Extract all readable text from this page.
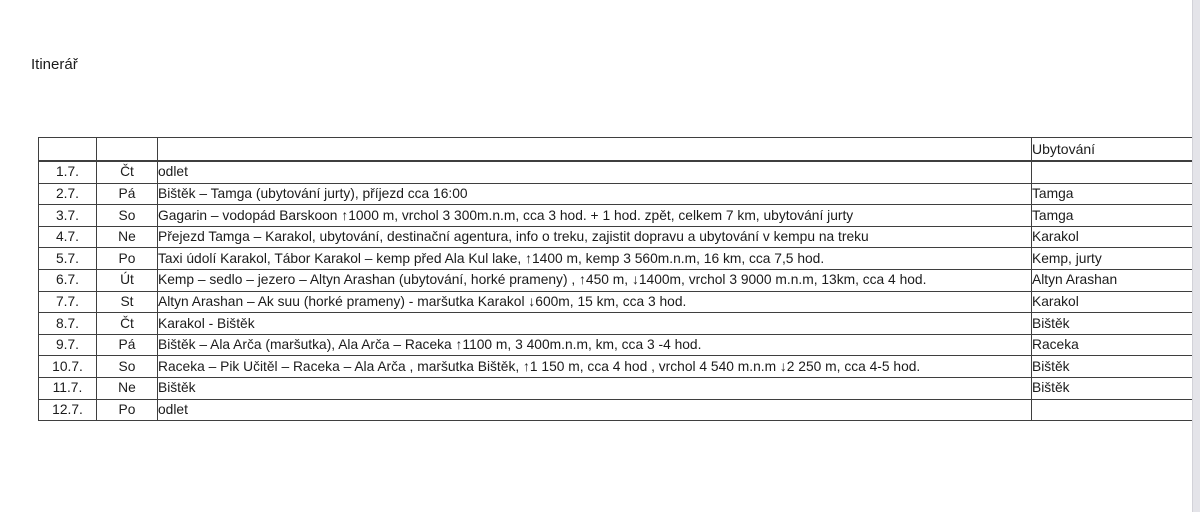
Itinerář
			Ubytování
1.7.	Čt	odlet	
2.7.	Pá	Bištěk – Tamga (ubytování jurty), příjezd cca 16:00	Tamga
3.7.	So	Gagarin – vodopád Barskoon ↑1000 m, vrchol 3 300m.n.m, cca 3 hod. + 1 hod. zpět, celkem 7 km, ubytování jurty	Tamga
4.7.	Ne	Přejezd Tamga – Karakol, ubytování, destinační agentura, info o treku, zajistit dopravu a ubytování v kempu na treku	Karakol
5.7.	Po	Taxi údolí Karakol, Tábor Karakol – kemp před Ala Kul lake, ↑1400 m, kemp 3 560m.n.m, 16 km, cca 7,5 hod.	Kemp, jurty
6.7.	Út	Kemp – sedlo – jezero – Altyn Arashan (ubytování, horké prameny) , ↑450 m, ↓1400m, vrchol 3 9000 m.n.m, 13km, cca 4 hod.	Altyn Arashan
7.7.	St	Altyn Arashan – Ak suu (horké prameny) - maršutka Karakol ↓600m, 15 km, cca 3 hod.	Karakol
8.7.	Čt	Karakol - Bištěk	Bištěk
9.7.	Pá	Bištěk – Ala Arča (maršutka), Ala Arča – Raceka ↑1100 m, 3 400m.n.m, km, cca 3 -4 hod.	Raceka
10.7.	So	Raceka – Pik Učitěl – Raceka – Ala Arča , maršutka Bištěk, ↑1 150 m, cca 4 hod , vrchol 4 540 m.n.m ↓2 250 m, cca 4-5 hod.	Bištěk
11.7.	Ne	Bištěk	Bištěk
12.7.	Po	odlet	
